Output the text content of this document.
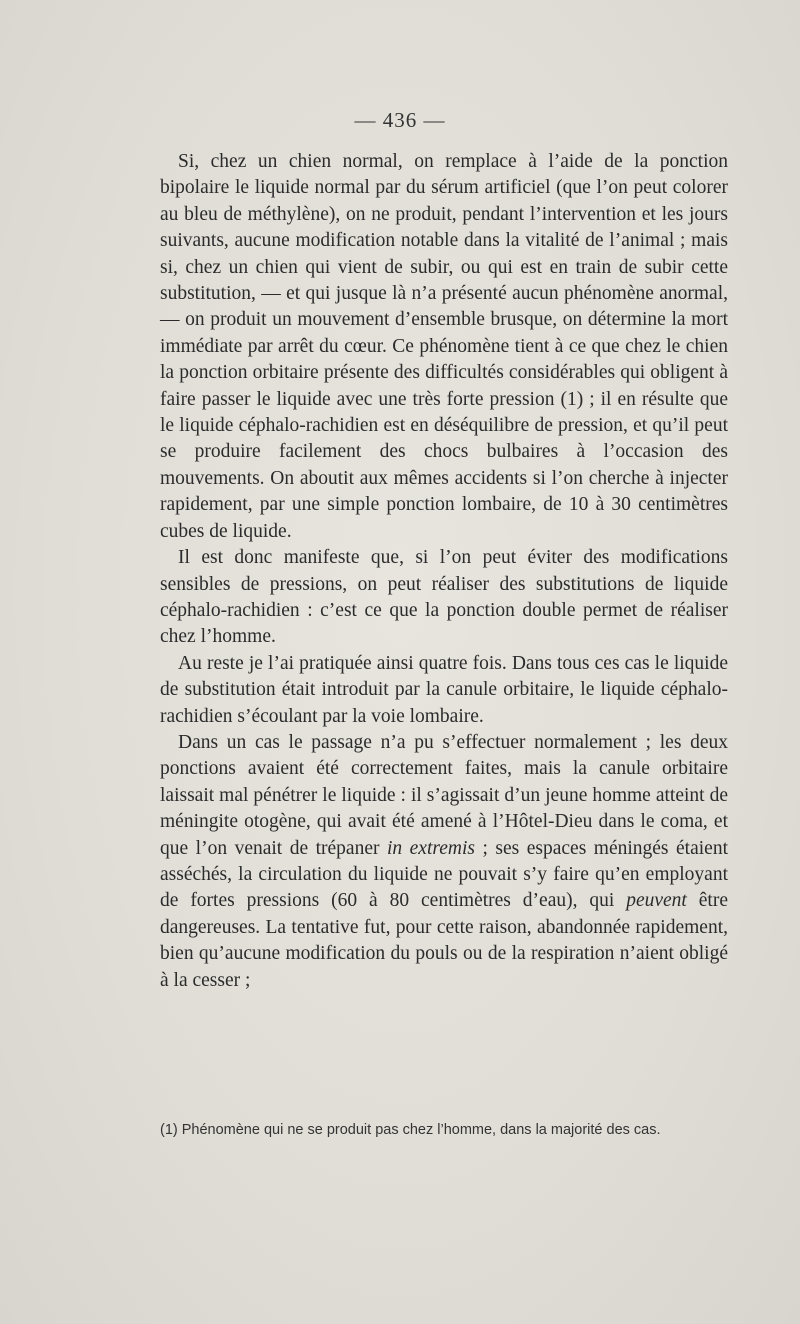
— 436 —

Si, chez un chien normal, on remplace à l’aide de la ponction bipolaire le liquide normal par du sérum artificiel (que l’on peut colorer au bleu de méthylène), on ne produit, pendant l’intervention et les jours suivants, aucune modification notable dans la vitalité de l’animal ; mais si, chez un chien qui vient de subir, ou qui est en train de subir cette substitution, — et qui jusque là n’a présenté aucun phénomène anormal, — on produit un mouvement d’ensemble brusque, on détermine la mort immédiate par arrêt du cœur. Ce phénomène tient à ce que chez le chien la ponction orbitaire présente des difficultés considérables qui obligent à faire passer le liquide avec une très forte pression (1) ; il en résulte que le liquide céphalo-rachidien est en déséquilibre de pression, et qu’il peut se produire facilement des chocs bulbaires à l’occasion des mouvements. On aboutit aux mêmes accidents si l’on cherche à injecter rapidement, par une simple ponction lombaire, de 10 à 30 centimètres cubes de liquide.

Il est donc manifeste que, si l’on peut éviter des modifications sensibles de pressions, on peut réaliser des substitutions de liquide céphalo-rachidien : c’est ce que la ponction double permet de réaliser chez l’homme.

Au reste je l’ai pratiquée ainsi quatre fois. Dans tous ces cas le liquide de substitution était introduit par la canule orbitaire, le liquide céphalo-rachidien s’écoulant par la voie lombaire.

Dans un cas le passage n’a pu s’effectuer normalement ; les deux ponctions avaient été correctement faites, mais la canule orbitaire laissait mal pénétrer le liquide : il s’agissait d’un jeune homme atteint de méningite otogène, qui avait été amené à l’Hôtel-Dieu dans le coma, et que l’on venait de trépaner in extremis ; ses espaces méningés étaient asséchés, la circulation du liquide ne pouvait s’y faire qu’en employant de fortes pressions (60 à 80 centimètres d’eau), qui peuvent être dangereuses. La tentative fut, pour cette raison, abandonnée rapidement, bien qu’aucune modification du pouls ou de la respiration n’aient obligé à la cesser ;

(1) Phénomène qui ne se produit pas chez l’homme, dans la majorité des cas.
